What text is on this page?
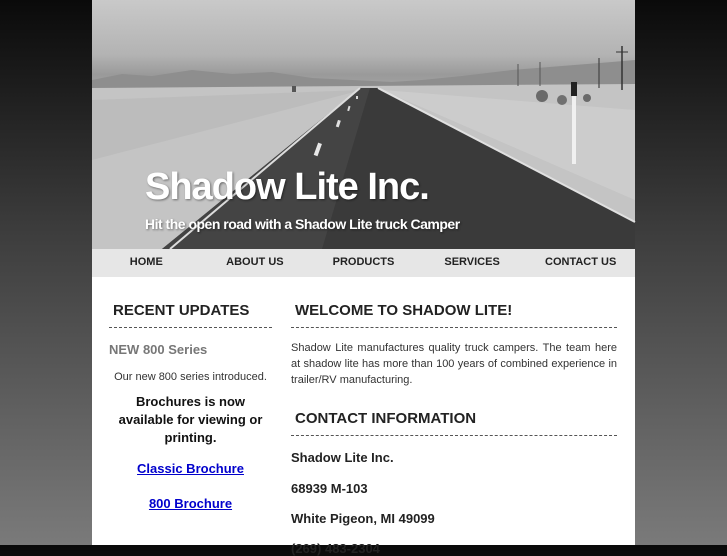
Shadow Lite Inc.
Hit the open road with a Shadow Lite truck Camper
HOME	ABOUT US	PRODUCTS	SERVICES	CONTACT US
RECENT UPDATES
NEW 800 Series
Our new 800 series introduced.
Brochures is now available for viewing or printing.
Classic Brochure
800 Brochure
WELCOME TO SHADOW LITE!

Shadow Lite manufactures quality truck campers. The team here at shadow lite has more than 100 years of combined experience in trailer/RV manufacturing.

CONTACT INFORMATION

Shadow Lite Inc.

68939 M-103

White Pigeon, MI 49099

(269) 483-2304
